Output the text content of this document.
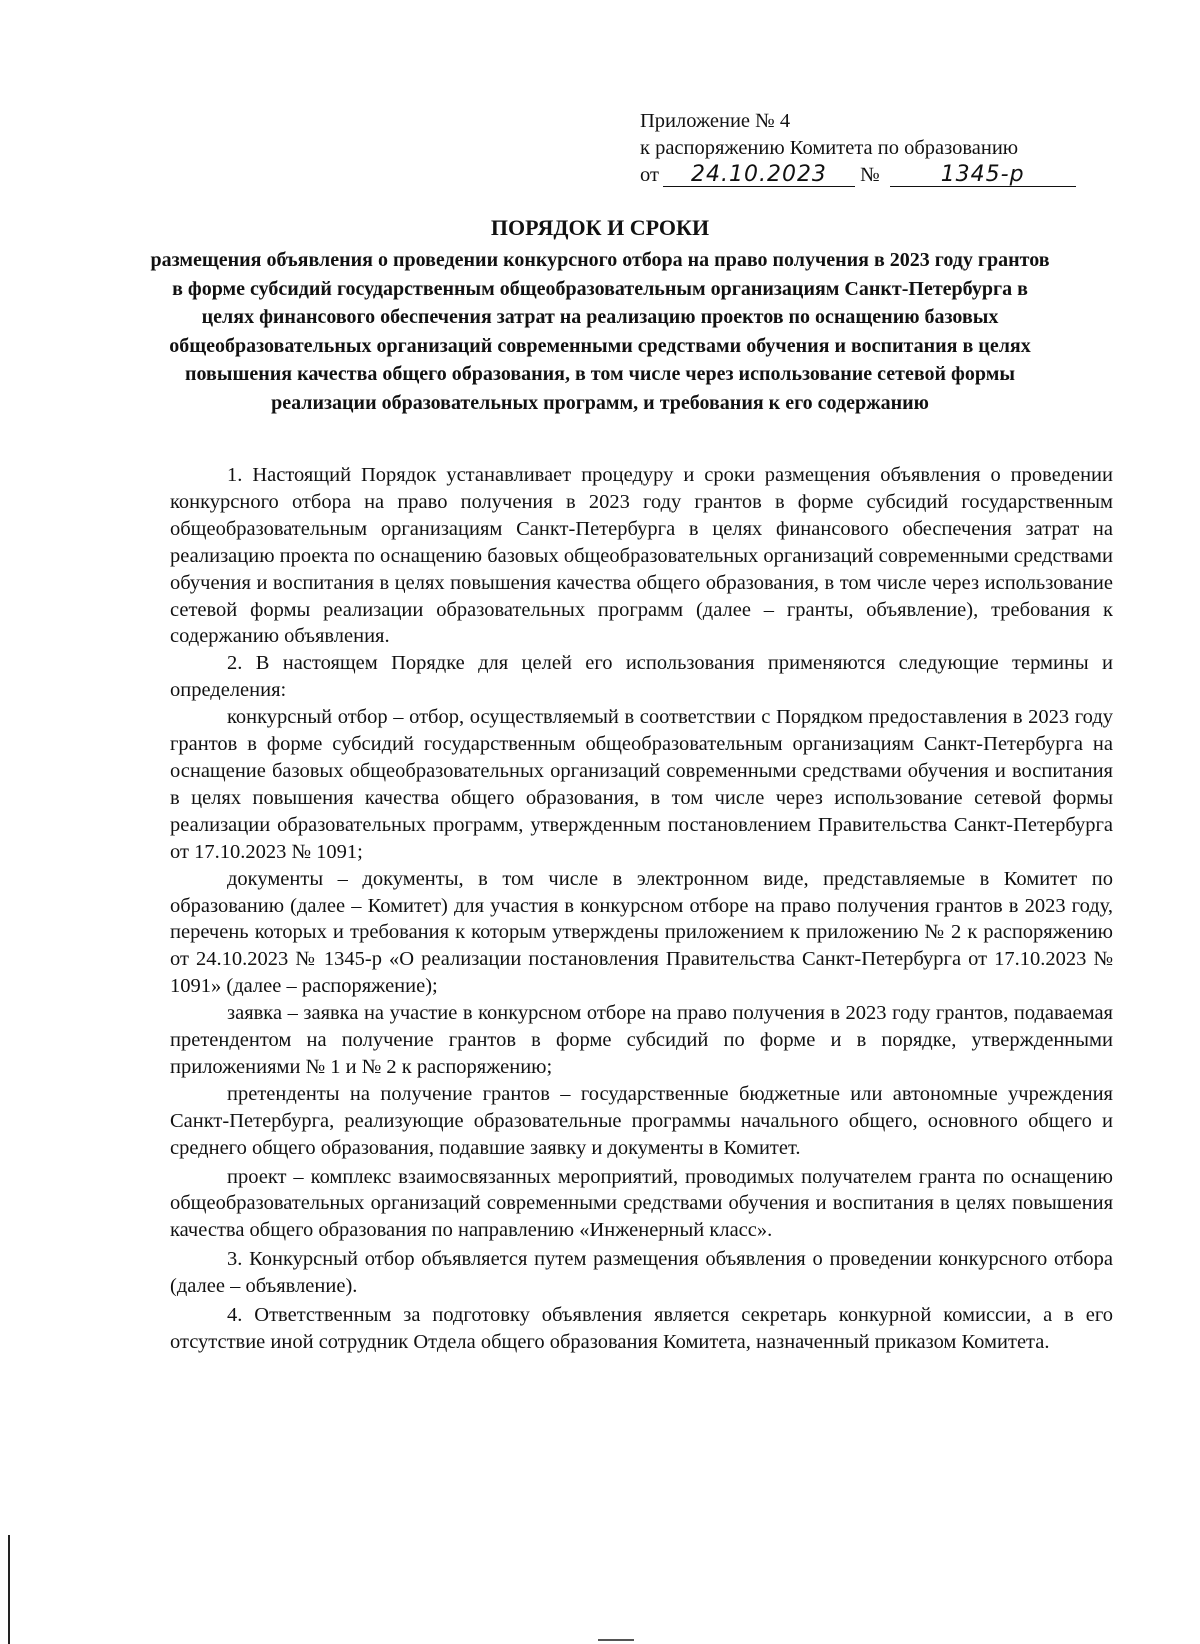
Приложение № 4
к распоряжению Комитета по образованию
от 24.10.2023 №	1345-р
ПОРЯДОК И СРОКИ
размещения объявления о проведении конкурсного отбора на право получения в 2023 году грантов в форме субсидий государственным общеобразовательным организациям Санкт-Петербурга в целях финансового обеспечения затрат на реализацию проектов по оснащению базовых общеобразовательных организаций современными средствами обучения и воспитания в целях повышения качества общего образования, в том числе через использование сетевой формы реализации образовательных программ, и требования к его содержанию

1. Настоящий Порядок устанавливает процедуру и сроки размещения объявления о проведении конкурсного отбора на право получения в 2023 году грантов в форме субсидий государственным общеобразовательным организациям Санкт-Петербурга в целях финансового обеспечения затрат на реализацию проекта по оснащению базовых общеобразовательных организаций современными средствами обучения и воспитания в целях повышения качества общего образования, в том числе через использование сетевой формы реализации образовательных программ (далее – гранты, объявление), требования к содержанию объявления.

2. В настоящем Порядке для целей его использования применяются следующие термины и определения:

конкурсный отбор – отбор, осуществляемый в соответствии с Порядком предоставления в 2023 году грантов в форме субсидий государственным общеобразовательным организациям Санкт-Петербурга на оснащение базовых общеобразовательных организаций современными средствами обучения и воспитания в целях повышения качества общего образования, в том числе через использование сетевой формы реализации образовательных программ, утвержденным постановлением Правительства Санкт-Петербурга от 17.10.2023 № 1091;

документы – документы, в том числе в электронном виде, представляемые в Комитет по образованию (далее – Комитет) для участия в конкурсном отборе на право получения грантов в 2023 году, перечень которых и требования к которым утверждены приложением к приложению № 2 к распоряжению от 24.10.2023 № 1345-р «О реализации постановления Правительства Санкт-Петербурга от 17.10.2023 № 1091» (далее – распоряжение);

заявка – заявка на участие в конкурсном отборе на право получения в 2023 году грантов, подаваемая претендентом на получение грантов в форме субсидий по форме и в порядке, утвержденными приложениями № 1 и № 2 к распоряжению;

претенденты на получение грантов – государственные бюджетные или автономные учреждения Санкт-Петербурга, реализующие образовательные программы начального общего, основного общего и среднего общего образования, подавшие заявку и документы в Комитет.

проект – комплекс взаимосвязанных мероприятий, проводимых получателем гранта по оснащению общеобразовательных организаций современными средствами обучения и воспитания в целях повышения качества общего образования по направлению «Инженерный класс».

3. Конкурсный отбор объявляется путем размещения объявления о проведении конкурсного отбора (далее – объявление).

4. Ответственным за подготовку объявления является секретарь конкурной комиссии, а в его отсутствие иной сотрудник Отдела общего образования Комитета, назначенный приказом Комитета.
